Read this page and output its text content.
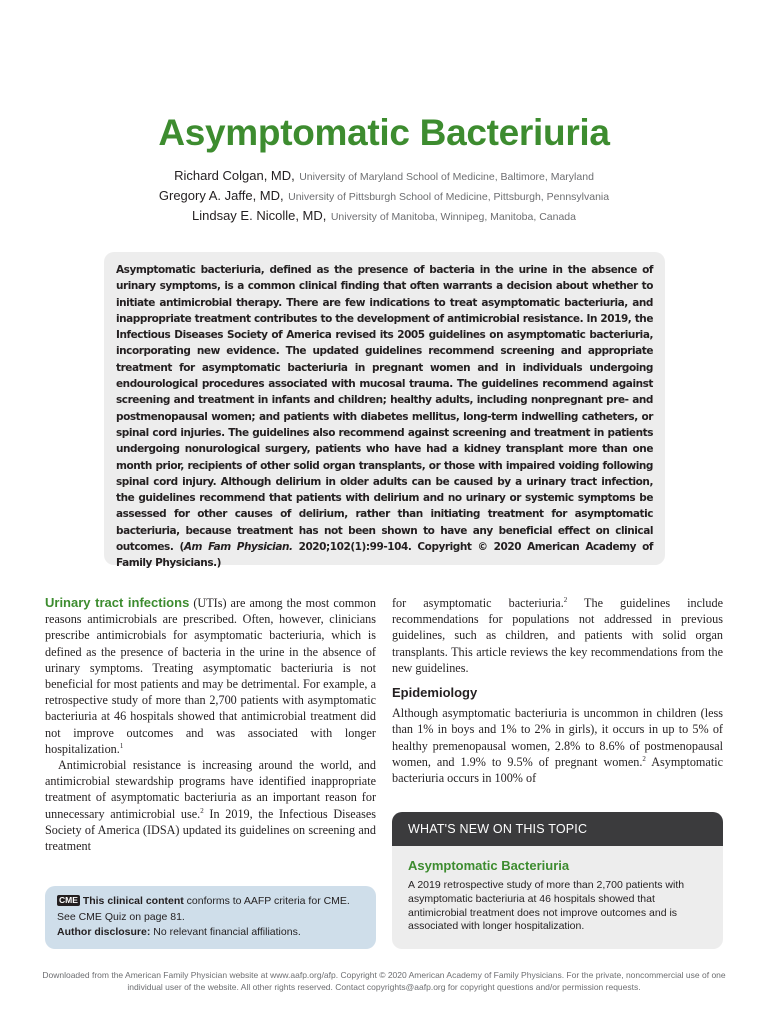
Asymptomatic Bacteriuria
Richard Colgan, MD, University of Maryland School of Medicine, Baltimore, Maryland
Gregory A. Jaffe, MD, University of Pittsburgh School of Medicine, Pittsburgh, Pennsylvania
Lindsay E. Nicolle, MD, University of Manitoba, Winnipeg, Manitoba, Canada
Asymptomatic bacteriuria, defined as the presence of bacteria in the urine in the absence of urinary symptoms, is a common clinical finding that often warrants a decision about whether to initiate antimicrobial therapy. There are few indications to treat asymptomatic bacteriuria, and inappropriate treatment contributes to the development of antimicrobial resistance. In 2019, the Infectious Diseases Society of America revised its 2005 guidelines on asymptomatic bacteriuria, incorporating new evidence. The updated guidelines recommend screening and appropriate treatment for asymptomatic bacteriuria in pregnant women and in individuals undergoing endourological procedures associated with mucosal trauma. The guidelines recommend against screening and treatment in infants and children; healthy adults, including nonpregnant pre- and postmenopausal women; and patients with diabetes mellitus, long-term indwelling catheters, or spinal cord injuries. The guidelines also recommend against screening and treatment in patients undergoing nonurological surgery, patients who have had a kidney transplant more than one month prior, recipients of other solid organ transplants, or those with impaired voiding following spinal cord injury. Although delirium in older adults can be caused by a urinary tract infection, the guidelines recommend that patients with delirium and no urinary or systemic symptoms be assessed for other causes of delirium, rather than initiating treatment for asymptomatic bacteriuria, because treatment has not been shown to have any beneficial effect on clinical outcomes. (Am Fam Physician. 2020;102(1):99-104. Copyright © 2020 American Academy of Family Physicians.)

Urinary tract infections (UTIs) are among the most common reasons antimicrobials are prescribed. Often, however, clinicians prescribe antimicrobials for asymptomatic bacteriuria, which is defined as the presence of bacteria in the urine in the absence of urinary symptoms. Treating asymptomatic bacteriuria is not beneficial for most patients and may be detrimental. For example, a retrospective study of more than 2,700 patients with asymptomatic bacteriuria at 46 hospitals showed that antimicrobial treatment did not improve outcomes and was associated with longer hospitalization.$^1$

Antimicrobial resistance is increasing around the world, and antimicrobial stewardship programs have identified inappropriate treatment of asymptomatic bacteriuria as an important reason for unnecessary antimicrobial use.$^2$ In 2019, the Infectious Diseases Society of America (IDSA) updated its guidelines on screening and treatment

for asymptomatic bacteriuria.$^2$ The guidelines include recommendations for populations not addressed in previous guidelines, such as children, and patients with solid organ transplants. This article reviews the key recommendations from the new guidelines.

Epidemiology

Although asymptomatic bacteriuria is uncommon in children (less than 1% in boys and 1% to 2% in girls), it occurs in up to 5% of healthy premenopausal women, 2.8% to 8.6% of postmenopausal women, and 1.9% to 9.5% of pregnant women.$^2$ Asymptomatic bacteriuria occurs in 100% of

CME This clinical content conforms to AAFP criteria for CME. See CME Quiz on page 81.
Author disclosure: No relevant financial affiliations.
WHAT'S NEW ON THIS TOPIC
Asymptomatic Bacteriuria
A 2019 retrospective study of more than 2,700 patients with asymptomatic bacteriuria at 46 hospitals showed that antimicrobial treatment does not improve outcomes and is associated with longer hospitalization.
Downloaded from the American Family Physician website at www.aafp.org/afp. Copyright © 2020 American Academy of Family Physicians. For the private, noncommercial use of one individual user of the website. All other rights reserved. Contact copyrights@aafp.org for copyright questions and/or permission requests.
